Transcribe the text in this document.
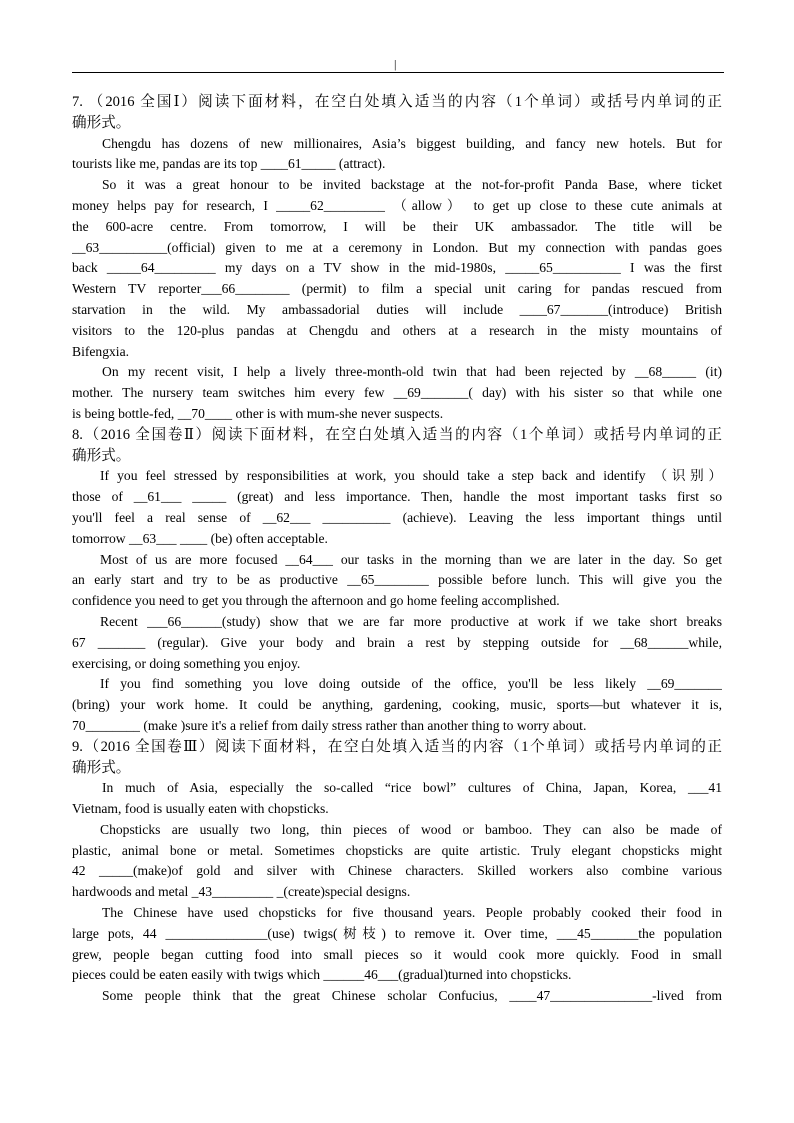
|
7. （2016 全国Ⅰ）阅读下面材料，在空白处填入适当的内容（1个单词）或括号内单词的正
确形式。
Chengdu has dozens of new millionaires, Asia’s biggest building, and fancy new hotels. But for
tourists like me, pandas are its top ____61_____ (attract).
So it was a great honour to be invited backstage at the not-for-profit Panda Base, where ticket
money helps pay for research, I _____62_________ （allow） to get up close to these cute animals at
the 600-acre centre. From tomorrow, I will be their UK ambassador. The title will be
__63__________(official) given to me at a ceremony in London. But my connection with pandas goes
back _____64_________ my days on a TV show in the mid-1980s, _____65__________ I was the first
Western TV reporter___66________ (permit) to film a special unit caring for pandas rescued from
starvation in the wild. My ambassadorial duties will include ____67_______(introduce) British
visitors to the 120-plus pandas at Chengdu and others at a research in the misty mountains of
Bifengxia.
On my recent visit, I help a lively three-month-old twin that had been rejected by __68_____ (it)
mother. The nursery team switches him every few __69_______( day) with his sister so that while one
is being bottle-fed, __70____ other is with mum-she never suspects.
8.（2016 全国卷Ⅱ）阅读下面材料，在空白处填入适当的内容（1个单词）或括号内单词的正
确形式。
If you feel stressed by responsibilities at work, you should take a step back and identify （识别）
those of __61___ _____ (great) and less importance. Then, handle the most important tasks first so
you'll feel a real sense of __62___ __________ (achieve). Leaving the less important things until
tomorrow __63___ ____ (be) often acceptable.
Most of us are more focused __64___ our tasks in the morning than we are later in the day. So get
an early start and try to be as productive __65________ possible before lunch. This will give you the
confidence you need to get you through the afternoon and go home feeling accomplished.
Recent ___66______(study) show that we are far more productive at work if we take short breaks
67 _______ (regular). Give your body and brain a rest by stepping outside for __68______while,
exercising, or doing something you enjoy.
If you find something you love doing outside of the office, you'll be less likely __69_______
(bring) your work home. It could be anything, gardening, cooking, music, sports—but whatever it is,
70________ (make )sure it's a relief from daily stress rather than another thing to worry about.
9.（2016 全国卷Ⅲ）阅读下面材料，在空白处填入适当的内容（1个单词）或括号内单词的正
确形式。
In much of Asia, especially the so-called “rice bowl” cultures of China, Japan, Korea, ___41
Vietnam, food is usually eaten with chopsticks.
Chopsticks are usually two long, thin pieces of wood or bamboo. They can also be made of
plastic, animal bone or metal. Sometimes chopsticks are quite artistic. Truly elegant chopsticks might
42 _____(make)of gold and silver with Chinese characters. Skilled workers also combine various
hardwoods and metal _43_________ _(create)special designs.
The Chinese have used chopsticks for five thousand years. People probably cooked their food in
large pots, 44 _______________(use) twigs(树枝) to remove it. Over time, ___45_______the population
grew, people began cutting food into small pieces so it would cook more quickly. Food in small
pieces could be eaten easily with twigs which ______46___(gradual)turned into chopsticks.
Some people think that the great Chinese scholar Confucius, ____47_______________-lived from
